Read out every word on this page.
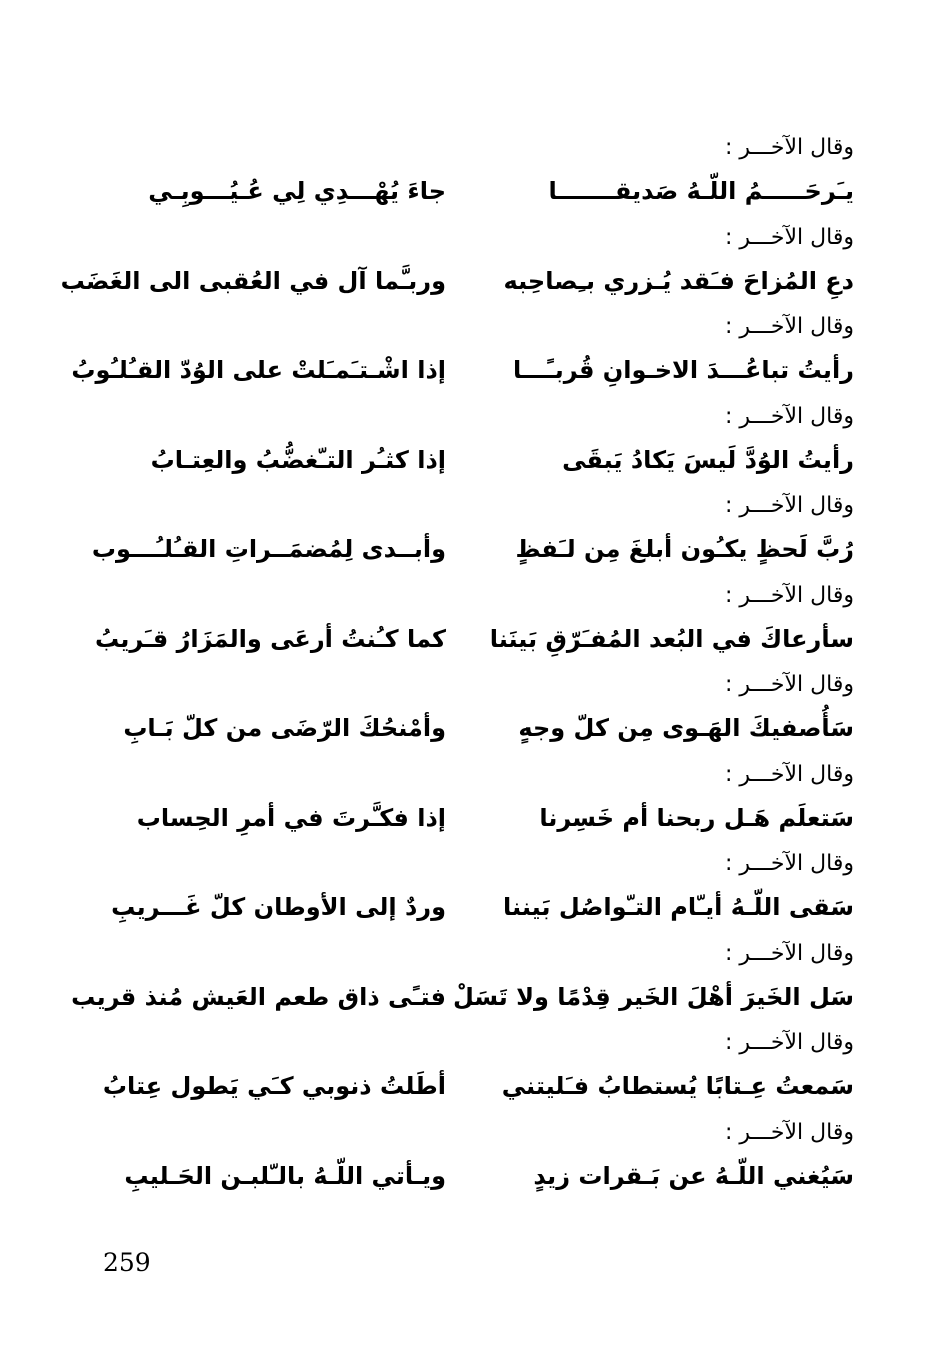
وقال الآخـــر :
يـَرحَـــــمُ اللّـهُ صَديقـــــــا
جاءَ يُهْـــدِي لِي عُـيُـــوبِـي
وقال الآخـــر :
دعِ المُزاحَ فـَقد يُـزري بـِصاحِبه
وربـَّما آل في العُقبى الى الغَضَب
وقال الآخـــر :
رأيتُ تباعُـــدَ الاخـوانِ قُربـًـــا
إذا اشْـتـَمـَلتْ على الوُدّ القـُلـُوبُ
وقال الآخـــر :
رأيتُ الوُدَّ لَيسَ يَكادُ يَبقَى
إذا كثـُر التـّغضُّبُ والعِتـابُ
وقال الآخـــر :
رُبَّ لَحظٍ يكـُون أبلغَ مِن لـَفظٍ
وأبــدى لِمُضمَــراتِ القـُلـُـــوب
وقال الآخـــر :
سأرعاكَ في البُعد المُفـَرّقِ بَينَنا
كما كـُنتُ أرعَى والمَزَارُ قـَريبُ
وقال الآخـــر :
سَأُصفيكَ الهَـوى مِن كلّ وجهٍ
وأمْنحُكَ الرّضَى من كلّ بَـابِ
وقال الآخـــر :
سَتعلَم هَـل ربحنا أم خَسِرنا
إذا فكـَّرتَ في أمرِ الحِساب
وقال الآخـــر :
سَقى اللّـهُ أيـّام التـّواصُل بَيننا
وردٌ إلى الأوطان كلّ غَـــريبِ
وقال الآخـــر :
سَل الخَيرَ أهْلَ الخَير قِدْمًا ولا تَسَلْ
فتـًى ذاق طعم العَيش مُنذ قريب
وقال الآخـــر :
سَمعتُ عِـتابًا يُستطابُ فـَليتني
أطَلتُ ذنوبي كـَي يَطول عِتابُ
وقال الآخـــر :
سَيُغني اللّـهُ عن بَـقرات زيدٍ
ويـأتي اللّـهُ بالـّلبـن الحَـليبِ
259
